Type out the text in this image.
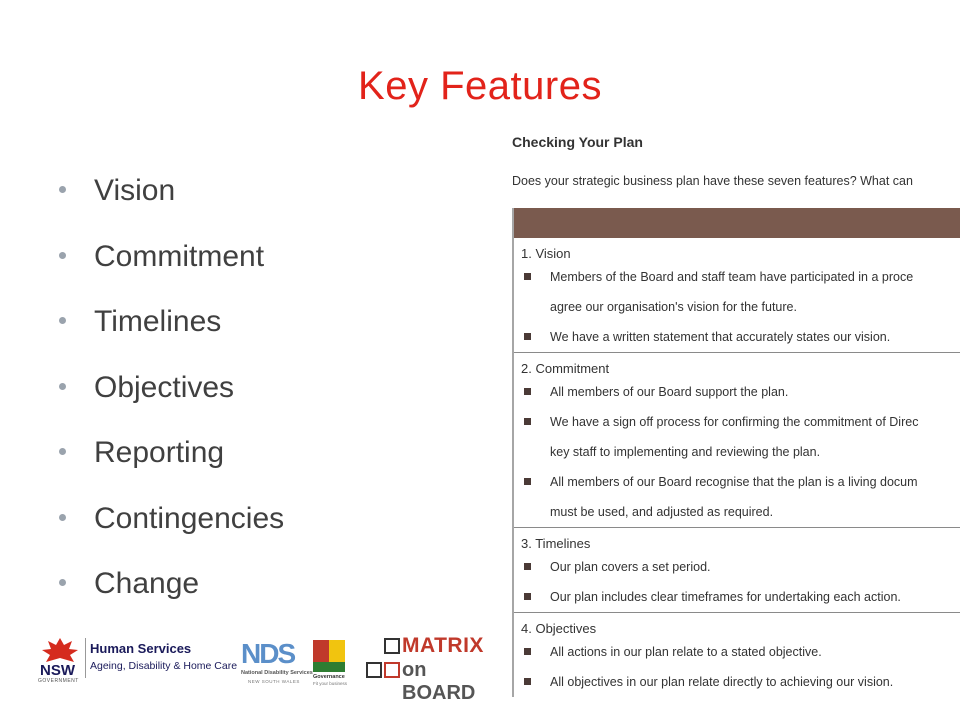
Key Features
Vision
Commitment
Timelines
Objectives
Reporting
Contingencies
Change
Checking Your Plan
Does your strategic business plan have these seven features? What can
1. Vision
Members of the Board and staff team have participated in a proce
agree our organisation's vision for the future.
We have a written statement that accurately states our vision.
2. Commitment
All members of our Board support the plan.
We have a sign off process for confirming the commitment of Direc
key staff to implementing and reviewing the plan.
All members of our Board recognise that the plan is a living docum
must be used, and adjusted as required.
3. Timelines
Our plan covers a set period.
Our plan includes clear timeframes for undertaking each action.
4. Objectives
All actions in our plan relate to a stated objective.
All objectives in our plan relate directly to achieving our vision.
NSW
GOVERNMENT
Human Services
Ageing, Disability & Home Care NDS
National Disability Services
NEW SOUTH WALES
Governance
Fit your business
MATRIX
on BOARD
